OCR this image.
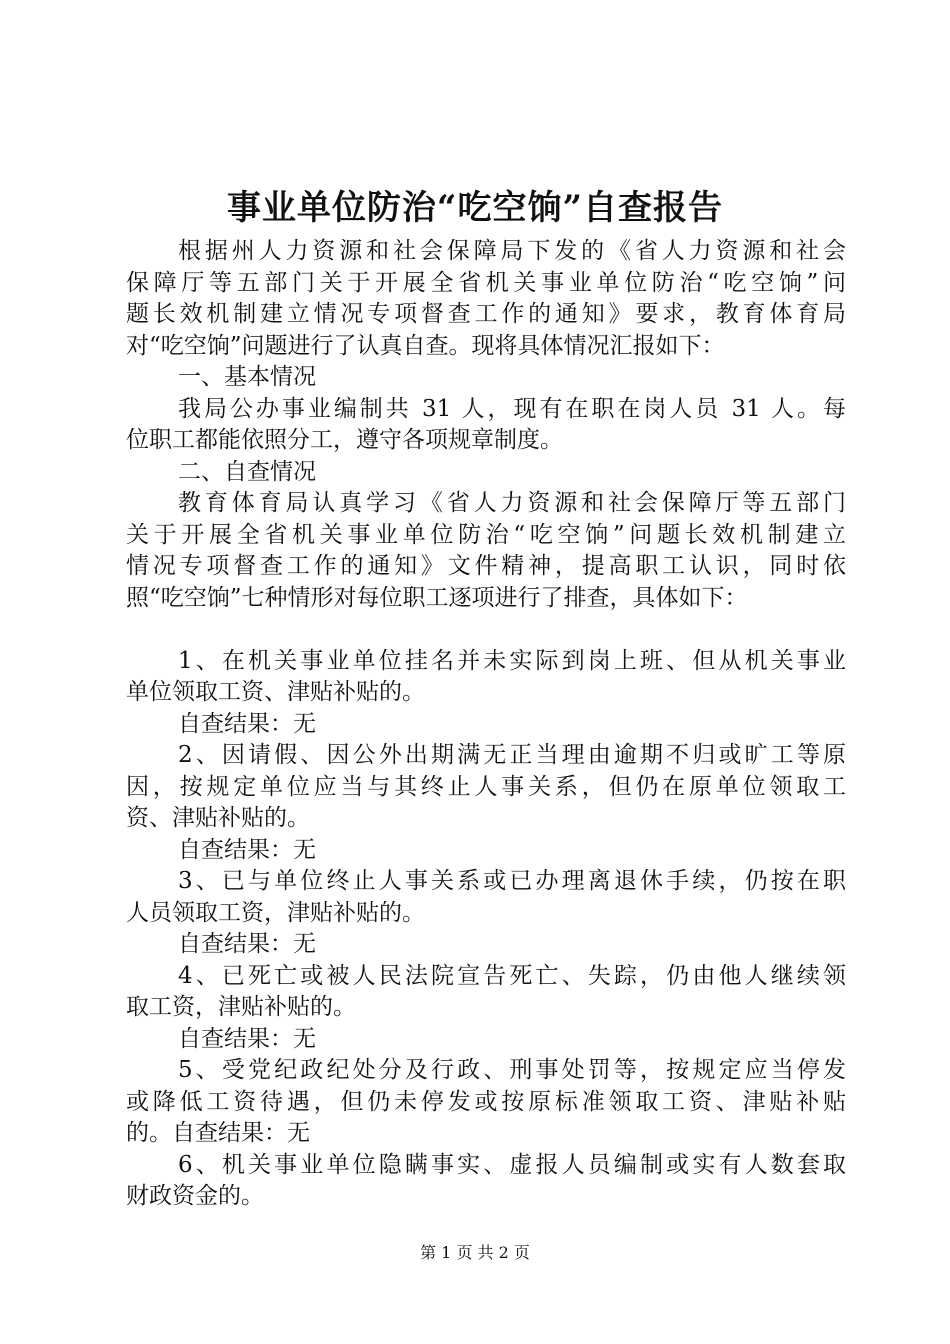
事业单位防治“吃空饷”自查报告
根据州人力资源和社会保障局下发的《省人力资源和社会
保障厅等五部门关于开展全省机关事业单位防治“吃空饷”问
题长效机制建立情况专项督查工作的通知》要求，教育体育局
对“吃空饷”问题进行了认真自查。现将具体情况汇报如下：
一、基本情况
我局公办事业编制共 31 人，现有在职在岗人员 31 人。每
位职工都能依照分工，遵守各项规章制度。
二、自查情况
教育体育局认真学习《省人力资源和社会保障厅等五部门
关于开展全省机关事业单位防治“吃空饷”问题长效机制建立
情况专项督查工作的通知》文件精神，提高职工认识，同时依
照“吃空饷”七种情形对每位职工逐项进行了排查，具体如下：
1、在机关事业单位挂名并未实际到岗上班、但从机关事业
单位领取工资、津贴补贴的。
自查结果：无
2、因请假、因公外出期满无正当理由逾期不归或旷工等原
因，按规定单位应当与其终止人事关系，但仍在原单位领取工
资、津贴补贴的。
自查结果：无
3、已与单位终止人事关系或已办理离退休手续，仍按在职
人员领取工资，津贴补贴的。
自查结果：无
4、已死亡或被人民法院宣告死亡、失踪，仍由他人继续领
取工资，津贴补贴的。
自查结果：无
5、受党纪政纪处分及行政、刑事处罚等，按规定应当停发
或降低工资待遇，但仍未停发或按原标准领取工资、津贴补贴
的。自查结果：无
6、机关事业单位隐瞒事实、虚报人员编制或实有人数套取
财政资金的。
第 1 页 共 2 页
